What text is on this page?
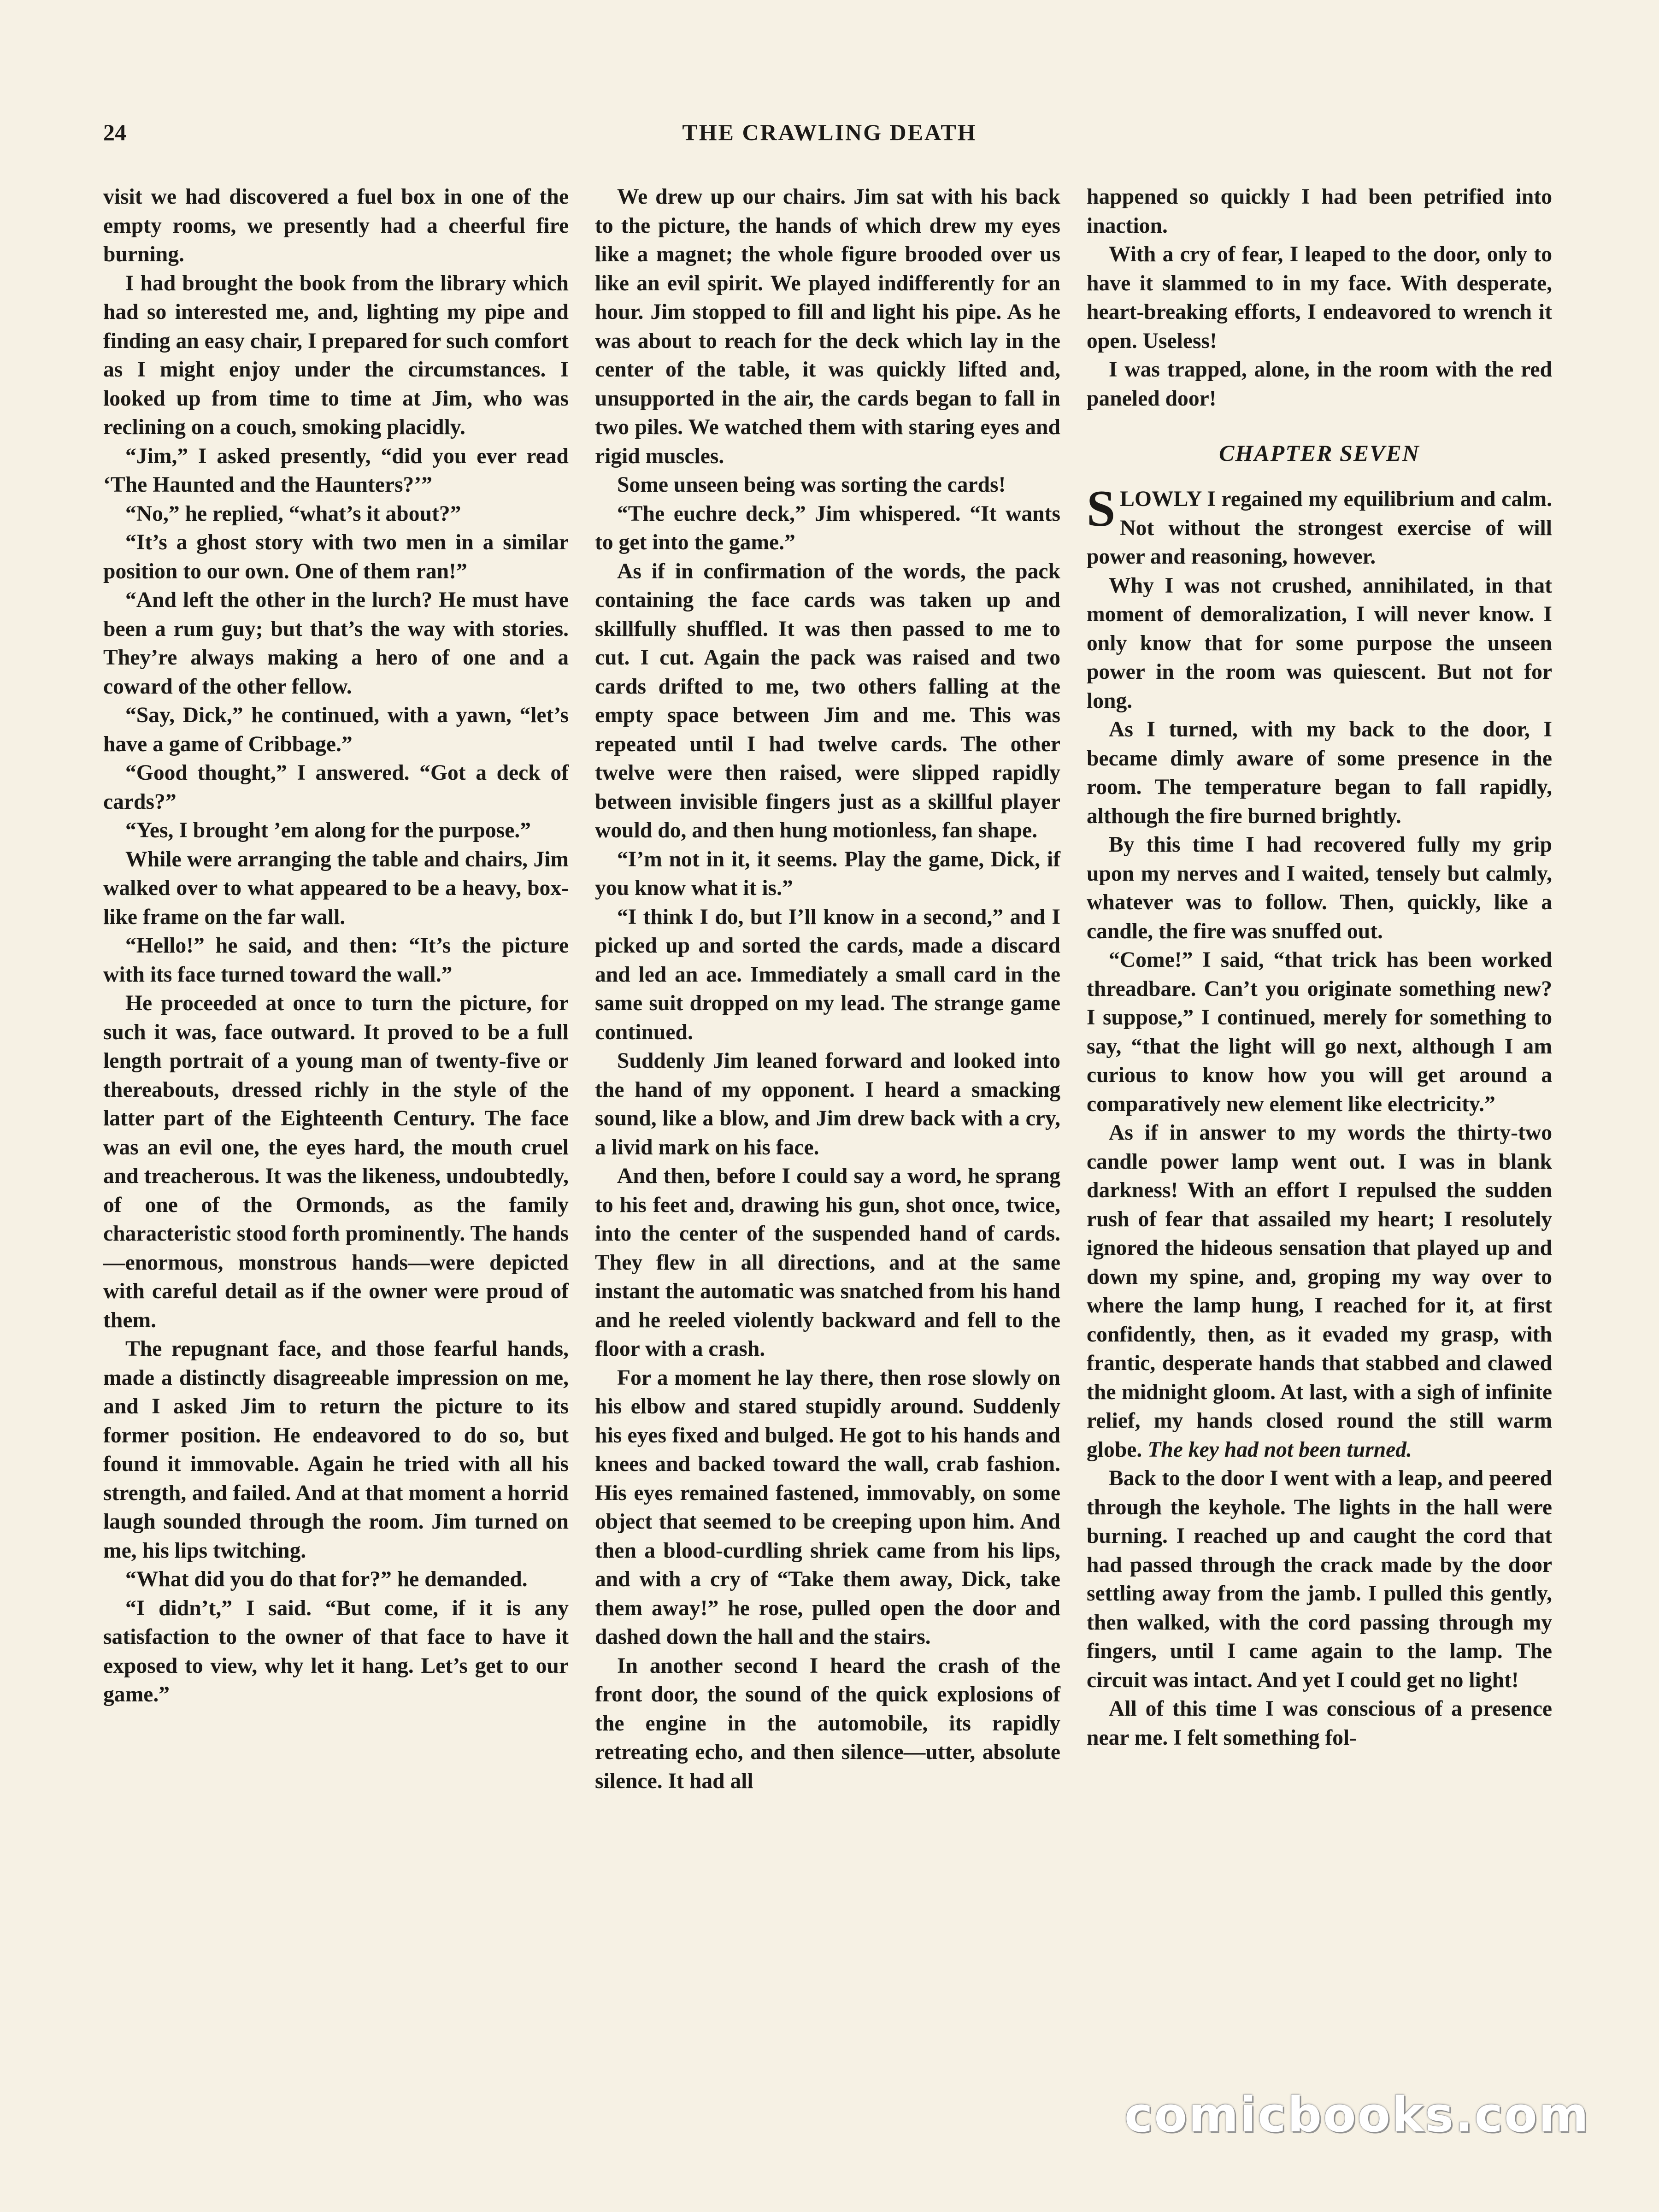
24	THE CRAWLING DEATH

visit we had discovered a fuel box in one of the empty rooms, we presently had a cheerful fire burning.

I had brought the book from the library which had so interested me, and, lighting my pipe and finding an easy chair, I prepared for such comfort as I might enjoy under the circumstances. I looked up from time to time at Jim, who was reclining on a couch, smoking placidly.

“Jim,” I asked presently, “did you ever read ‘The Haunted and the Haunters?’”

“No,” he replied, “what’s it about?”

“It’s a ghost story with two men in a similar position to our own. One of them ran!”

“And left the other in the lurch? He must have been a rum guy; but that’s the way with stories. They’re always making a hero of one and a coward of the other fellow.

“Say, Dick,” he continued, with a yawn, “let’s have a game of Cribbage.”

“Good thought,” I answered. “Got a deck of cards?”

“Yes, I brought ’em along for the purpose.”

While were arranging the table and chairs, Jim walked over to what appeared to be a heavy, box-like frame on the far wall.

“Hello!” he said, and then: “It’s the picture with its face turned toward the wall.”

He proceeded at once to turn the picture, for such it was, face outward. It proved to be a full length portrait of a young man of twenty-five or thereabouts, dressed richly in the style of the latter part of the Eighteenth Century. The face was an evil one, the eyes hard, the mouth cruel and treacherous. It was the likeness, undoubtedly, of one of the Ormonds, as the family characteristic stood forth prominently. The hands—enormous, monstrous hands—were depicted with careful detail as if the owner were proud of them.

The repugnant face, and those fearful hands, made a distinctly disagreeable impression on me, and I asked Jim to return the picture to its former position. He endeavored to do so, but found it immovable. Again he tried with all his strength, and failed. And at that moment a horrid laugh sounded through the room. Jim turned on me, his lips twitching.

“What did you do that for?” he demanded.

“I didn’t,” I said. “But come, if it is any satisfaction to the owner of that face to have it exposed to view, why let it hang. Let’s get to our game.”

We drew up our chairs. Jim sat with his back to the picture, the hands of which drew my eyes like a magnet; the whole figure brooded over us like an evil spirit. We played indifferently for an hour. Jim stopped to fill and light his pipe. As he was about to reach for the deck which lay in the center of the table, it was quickly lifted and, unsupported in the air, the cards began to fall in two piles. We watched them with staring eyes and rigid muscles.

Some unseen being was sorting the cards!

“The euchre deck,” Jim whispered. “It wants to get into the game.”

As if in confirmation of the words, the pack containing the face cards was taken up and skillfully shuffled. It was then passed to me to cut. I cut. Again the pack was raised and two cards drifted to me, two others falling at the empty space between Jim and me. This was repeated until I had twelve cards. The other twelve were then raised, were slipped rapidly between invisible fingers just as a skillful player would do, and then hung motionless, fan shape.

“I’m not in it, it seems. Play the game, Dick, if you know what it is.”

“I think I do, but I’ll know in a second,” and I picked up and sorted the cards, made a discard and led an ace. Immediately a small card in the same suit dropped on my lead. The strange game continued.

Suddenly Jim leaned forward and looked into the hand of my opponent. I heard a smacking sound, like a blow, and Jim drew back with a cry, a livid mark on his face.

And then, before I could say a word, he sprang to his feet and, drawing his gun, shot once, twice, into the center of the suspended hand of cards. They flew in all directions, and at the same instant the automatic was snatched from his hand and he reeled violently backward and fell to the floor with a crash.

For a moment he lay there, then rose slowly on his elbow and stared stupidly around. Suddenly his eyes fixed and bulged. He got to his hands and knees and backed toward the wall, crab fashion. His eyes remained fastened, immovably, on some object that seemed to be creeping upon him. And then a blood-curdling shriek came from his lips, and with a cry of “Take them away, Dick, take them away!” he rose, pulled open the door and dashed down the hall and the stairs.

In another second I heard the crash of the front door, the sound of the quick explosions of the engine in the automobile, its rapidly retreating echo, and then silence—utter, absolute silence. It had all

happened so quickly I had been petrified into inaction.

With a cry of fear, I leaped to the door, only to have it slammed to in my face. With desperate, heart-breaking efforts, I endeavored to wrench it open. Useless!

I was trapped, alone, in the room with the red paneled door!

CHAPTER SEVEN

SLOWLY I regained my equilibrium and calm. Not without the strongest exercise of will power and reasoning, however.

Why I was not crushed, annihilated, in that moment of demoralization, I will never know. I only know that for some purpose the unseen power in the room was quiescent. But not for long.

As I turned, with my back to the door, I became dimly aware of some presence in the room. The temperature began to fall rapidly, although the fire burned brightly.

By this time I had recovered fully my grip upon my nerves and I waited, tensely but calmly, whatever was to follow. Then, quickly, like a candle, the fire was snuffed out.

“Come!” I said, “that trick has been worked threadbare. Can’t you originate something new? I suppose,” I continued, merely for something to say, “that the light will go next, although I am curious to know how you will get around a comparatively new element like electricity.”

As if in answer to my words the thirty-two candle power lamp went out. I was in blank darkness! With an effort I repulsed the sudden rush of fear that assailed my heart; I resolutely ignored the hideous sensation that played up and down my spine, and, groping my way over to where the lamp hung, I reached for it, at first confidently, then, as it evaded my grasp, with frantic, desperate hands that stabbed and clawed the midnight gloom. At last, with a sigh of infinite relief, my hands closed round the still warm globe. The key had not been turned.

Back to the door I went with a leap, and peered through the keyhole. The lights in the hall were burning. I reached up and caught the cord that had passed through the crack made by the door settling away from the jamb. I pulled this gently, then walked, with the cord passing through my fingers, until I came again to the lamp. The circuit was intact. And yet I could get no light!

All of this time I was conscious of a presence near me. I felt something fol-

comicbooks.com
